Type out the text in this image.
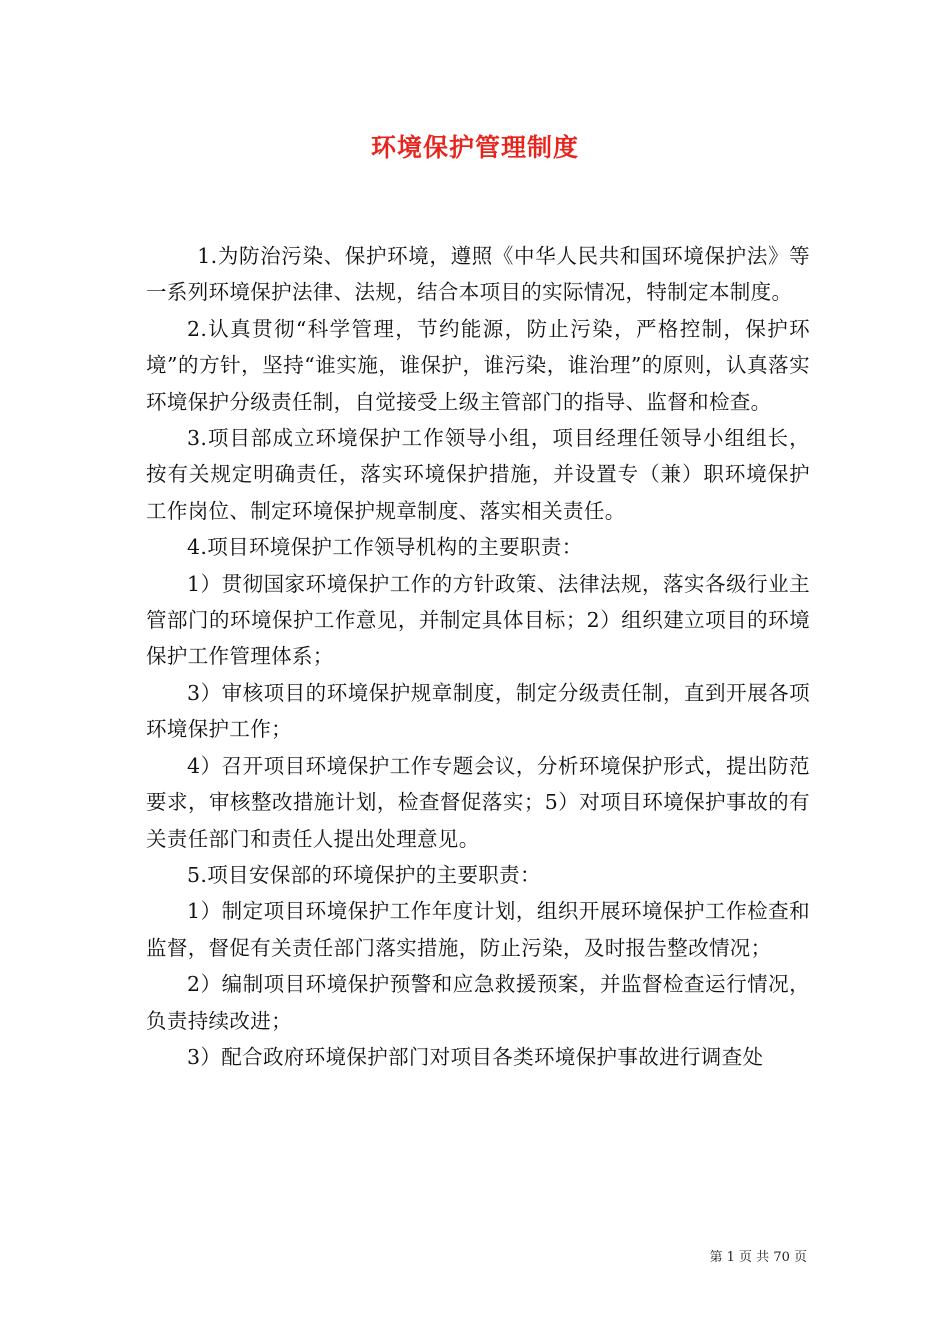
环境保护管理制度

1.为防治污染、保护环境，遵照《中华人民共和国环境保护法》等一系列环境保护法律、法规，结合本项目的实际情况，特制定本制度。

2.认真贯彻“科学管理，节约能源，防止污染，严格控制，保护环境”的方针，坚持“谁实施，谁保护，谁污染，谁治理”的原则，认真落实环境保护分级责任制，自觉接受上级主管部门的指导、监督和检查。

3.项目部成立环境保护工作领导小组，项目经理任领导小组组长，按有关规定明确责任，落实环境保护措施，并设置专（兼）职环境保护工作岗位、制定环境保护规章制度、落实相关责任。

4.项目环境保护工作领导机构的主要职责：

1）贯彻国家环境保护工作的方针政策、法律法规，落实各级行业主管部门的环境保护工作意见，并制定具体目标；2）组织建立项目的环境保护工作管理体系；

3）审核项目的环境保护规章制度，制定分级责任制，直到开展各项环境保护工作；

4）召开项目环境保护工作专题会议，分析环境保护形式，提出防范要求，审核整改措施计划，检查督促落实；5）对项目环境保护事故的有关责任部门和责任人提出处理意见。

5.项目安保部的环境保护的主要职责：

1）制定项目环境保护工作年度计划，组织开展环境保护工作检查和监督，督促有关责任部门落实措施，防止污染，及时报告整改情况；

2）编制项目环境保护预警和应急救援预案，并监督检查运行情况，负责持续改进；

3）配合政府环境保护部门对项目各类环境保护事故进行调查处

第 1 页 共 70 页
